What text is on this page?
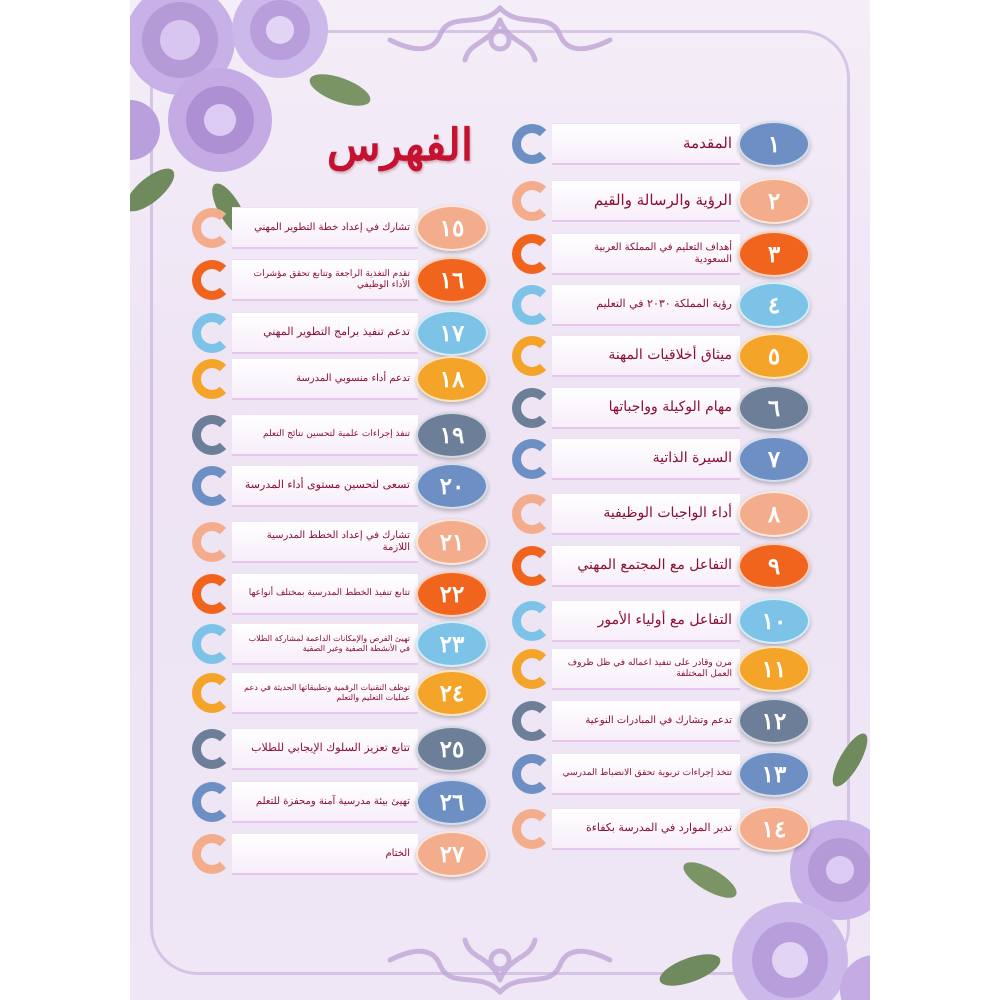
الفهرس	المقدمة	١
الرؤية والرسالة والقيم	٢
أهداف التعليم في المملكة العربية السعودية	٣
رؤية المملكة ٢٠٣٠ في التعليم	٤
ميثاق أخلاقيات المهنة	٥
مهام الوكيلة وواجباتها	٦
السيرة الذاتية	٧
أداء الواجبات الوظيفية	٨
التفاعل مع المجتمع المهني	٩
التفاعل مع أولياء الأمور	١٠
مرن وقادر على تنفيذ اعماله في ظل ظروف العمل المختلفة	١١
تدعم وتشارك في المبادرات النوعية	١٢
تتخذ إجراءات تربوية تحقق الانضباط المدرسي	١٣
تدير الموارد في المدرسة بكفاءة	١٤
تشارك في إعداد خطة التطوير المهني	١٥
تقدم التغذية الراجعة وتتابع تحقق مؤشرات الأداء الوظيفي	١٦
تدعم تنفيذ برامج التطوير المهني	١٧
تدعم أداء منسوبي المدرسة	١٨
تنفذ إجراءات علمية لتحسين نتائج التعلم	١٩
تسعى لتحسين مستوى أداء المدرسة	٢٠
تشارك في إعداد الخطط المدرسية اللازمة	٢١
تتابع تنفيذ الخطط المدرسية بمختلف أنواعها	٢٢
تهيئ الفرص والإمكانات الداعمة لمشاركة الطلاب في الأنشطة الصفية وغير الصفية	٢٣
توظف التقنيات الرقمية وتطبيقاتها الحديثة في دعم عمليات التعليم والتعلم	٢٤
تتابع تعزيز السلوك الإيجابي للطلاب	٢٥
تهيئ بيئة مدرسية آمنة ومحفزة للتعلم	٢٦
الختام	٢٧
